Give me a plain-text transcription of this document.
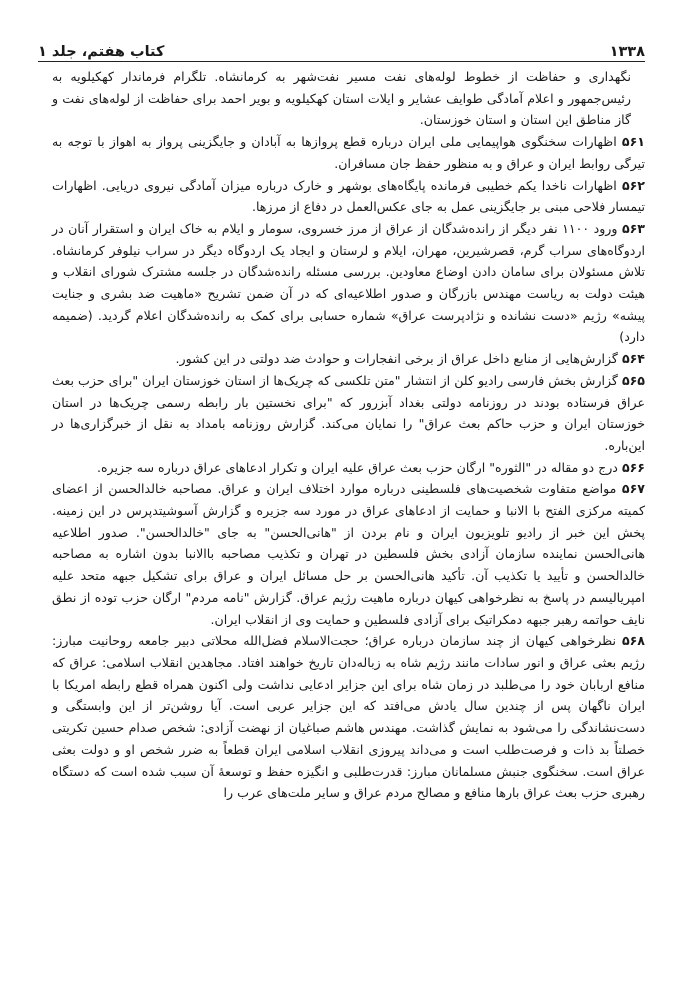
۱۳۳۸
کتاب هفتم، جلد ۱

نگهداری و حفاظت از خطوط لوله‌های نفت مسیر نفت‌شهر به کرمانشاه. تلگرام فرماندار کهکیلویه به رئیس‌جمهور و اعلام آمادگی طوایف عشایر و ایلات استان کهکیلویه و بویر احمد برای حفاظت از لوله‌های نفت و گاز مناطق این استان و استان خوزستان.

۵۶۱ اظهارات سخنگوی هواپیمایی ملی ایران درباره قطع پروازها به آبادان و جایگزینی پرواز به اهواز با توجه به تیرگی روابط ایران و عراق و به منظور حفظ جان مسافران.

۵۶۲ اظهارات ناخدا یکم خطیبی فرمانده پایگاه‌های بوشهر و خارک درباره میزان آمادگی نیروی دریایی. اظهارات تیمسار فلاحی مبنی بر جایگزینی عمل به جای عکس‌العمل در دفاع از مرزها.

۵۶۳ ورود ۱۱۰۰ نفر دیگر از رانده‌شدگان از عراق از مرز خسروی، سومار و ایلام به خاک ایران و استقرار آنان در اردوگاه‌های سراب گرم، قصرشیرین، مهران، ایلام و لرستان و ایجاد یک اردوگاه دیگر در سراب نیلوفر کرمانشاه. تلاش مسئولان برای سامان دادن اوضاع معاودین. بررسی مسئله رانده‌شدگان در جلسه مشترک شورای انقلاب و هیئت دولت به ریاست مهندس بازرگان و صدور اطلاعیه‌ای که در آن ضمن تشریح «ماهیت ضد بشری و جنایت پیشه» رژیم «دست نشانده و نژادپرست عراق» شماره حسابی برای کمک به رانده‌شدگان اعلام گردید. (ضمیمه دارد)

۵۶۴ گزارش‌هایی از منابع داخل عراق از برخی انفجارات و حوادث ضد دولتی در این کشور.

۵۶۵ گزارش بخش فارسی رادیو کلن از انتشار "متن تلکسی که چریک‌ها از استان خوزستان ایران "برای حزب بعث عراق فرستاده بودند در روزنامه دولتی بغداد آبزرور که "برای نخستین بار رابطه رسمی چریک‌ها در استان خوزستان ایران و حزب حاکم بعث عراق" را نمایان می‌کند. گزارش روزنامه بامداد به نقل از خبرگزاری‌ها در این‌باره.

۵۶۶ درج دو مقاله در "الثوره" ارگان حزب بعث عراق علیه ایران و تکرار ادعاهای عراق درباره سه جزیره.

۵۶۷ مواضع متفاوت شخصیت‌های فلسطینی درباره موارد اختلاف ایران و عراق. مصاحبه خالدالحسن از اعضای کمیته مرکزی الفتح با الانبا و حمایت از ادعاهای عراق در مورد سه جزیره و گزارش آسوشیتدپرس در این زمینه. پخش این خبر از رادیو تلویزیون ایران و نام بردن از "هانی‌الحسن" به جای "خالدالحسن". صدور اطلاعیه هانی‌الحسن نماینده سازمان آزادی بخش فلسطین در تهران و تکذیب مصاحبه باالانبا بدون اشاره به مصاحبه خالدالحسن و تأیید یا تکذیب آن. تأکید هانی‌الحسن بر حل مسائل ایران و عراق برای تشکیل جبهه متحد علیه امپریالیسم در پاسخ به نظرخواهی کیهان درباره ماهیت رژیم عراق. گزارش "نامه مردم" ارگان حزب توده از نطق نایف حواتمه رهبر جبهه دمکراتیک برای آزادی فلسطین و حمایت وی از انقلاب ایران.

۵۶۸ نظرخواهی کیهان از چند سازمان درباره عراق؛ حجت‌الاسلام فضل‌الله محلاتی دبیر جامعه روحانیت مبارز: رژیم بعثی عراق و انور سادات مانند رژیم شاه به زباله‌دان تاریخ خواهند افتاد. مجاهدین انقلاب اسلامی: عراق که منافع اربابان خود را می‌طلبد در زمان شاه برای این جزایر ادعایی نداشت ولی اکنون همراه قطع رابطه امریکا با ایران ناگهان پس از چندین سال یادش می‌افتد که این جزایر عربی است. آیا روشن‌تر از این وابستگی و دست‌نشاندگی را می‌شود به نمایش گذاشت. مهندس هاشم صباغیان از نهضت آزادی: شخص صدام حسین تکریتی خصلتاً بد ذات و فرصت‌طلب است و می‌داند پیروزی انقلاب اسلامی ایران قطعاً به ضرر شخص او و دولت بعثی عراق است. سخنگوی جنبش مسلمانان مبارز: قدرت‌طلبی و انگیزه حفظ و توسعهٔ آن سبب شده است که دستگاه رهبری حزب بعث عراق بارها منافع و مصالح مردم عراق و سایر ملت‌های عرب را
